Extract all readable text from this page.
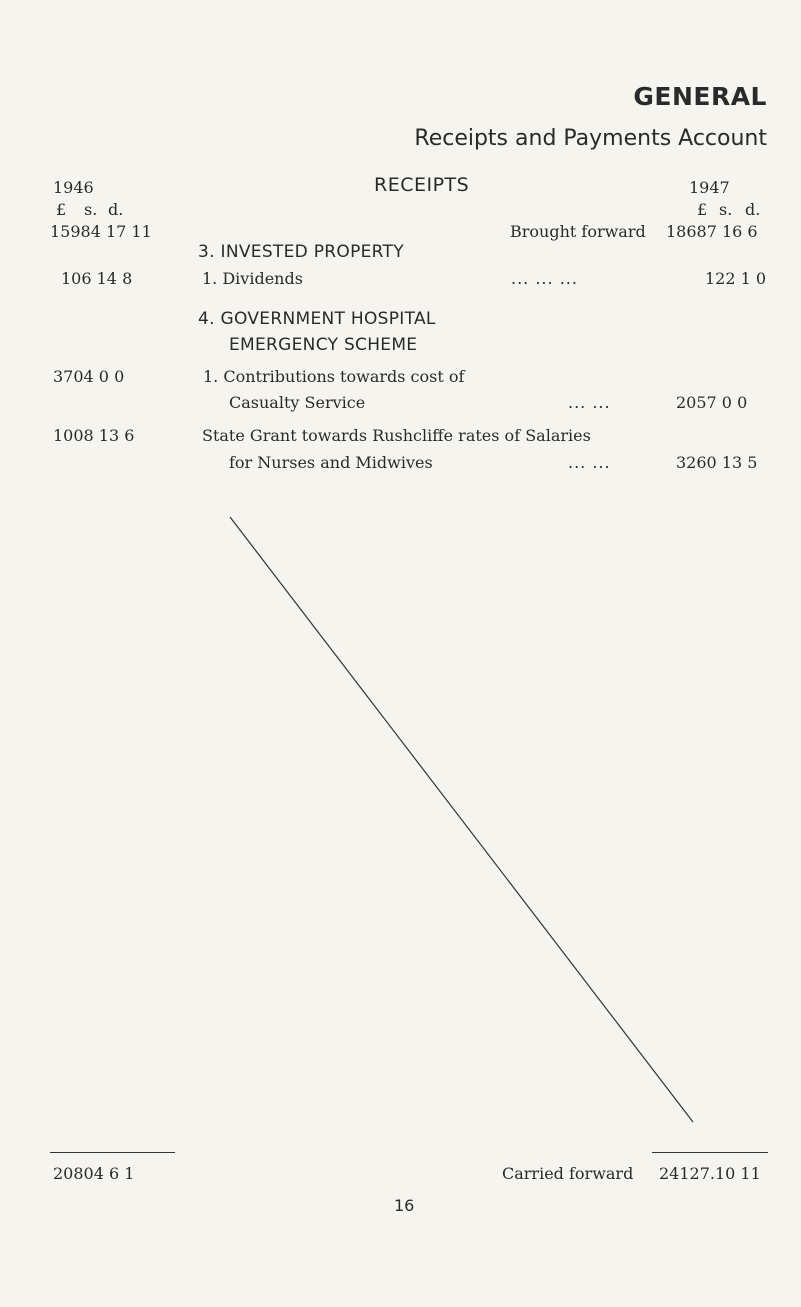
GENERAL
Receipts and Payments Account
RECEIPTS
1946	1947
£ s. d.	£ s. d.
15984 17 11	Brought forward 18687 16 6
3. INVESTED PROPERTY
106 14 8	1. Dividends	... ... ...	122 1 0
4. GOVERNMENT HOSPITAL
EMERGENCY SCHEME
3704 0 0	1. Contributions towards cost of
Casualty Service	... ...	2057 0 0
1008 13 6	State Grant towards Rushcliffe rates of Salaries
for Nurses and Midwives	... ...	3260 13 5
20804 6 1	Carried forward 24127.10 11
16
